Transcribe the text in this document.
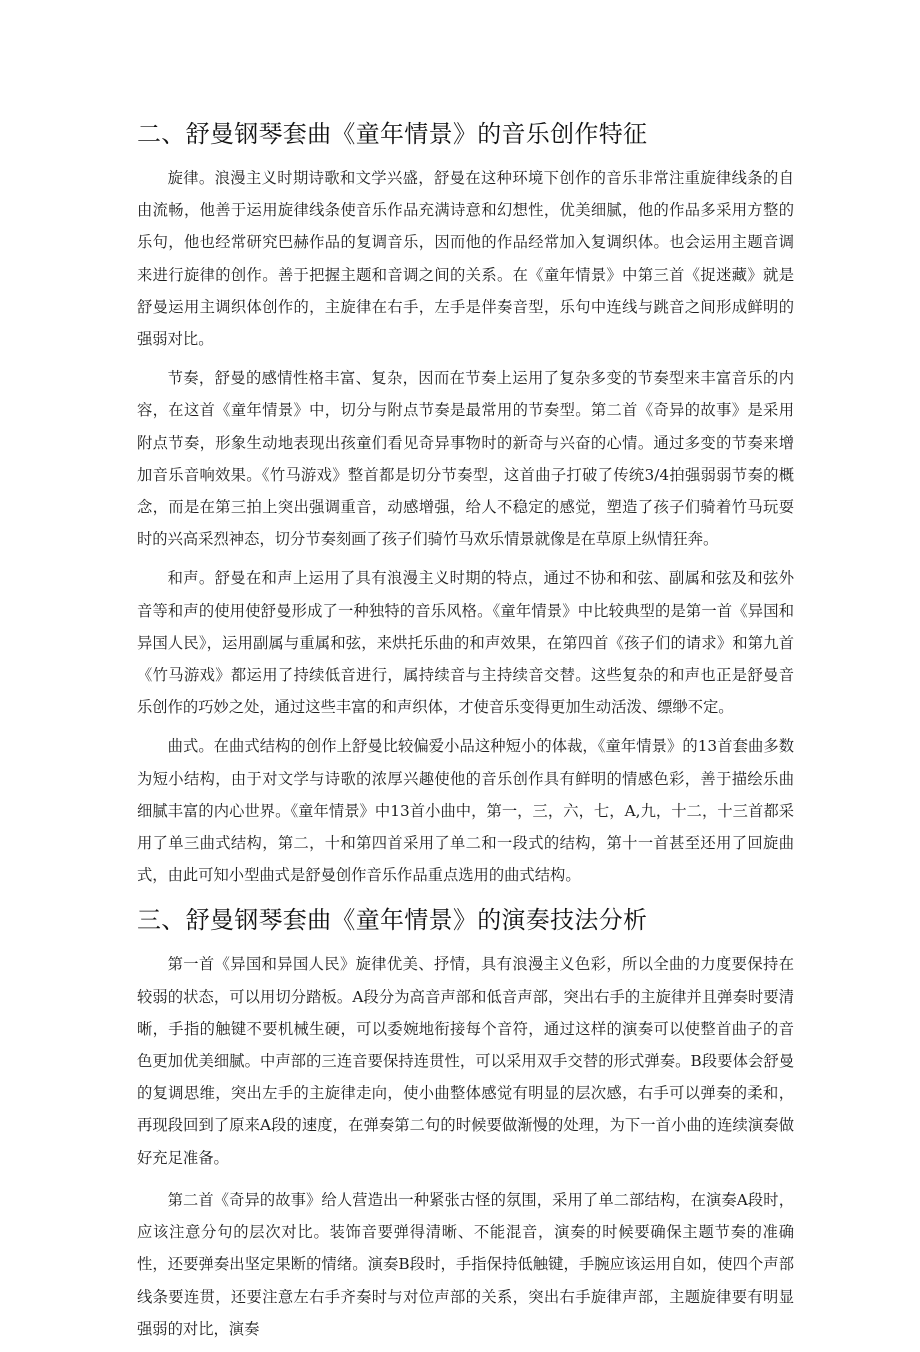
二、舒曼钢琴套曲《童年情景》的音乐创作特征

旋律。浪漫主义时期诗歌和文学兴盛，舒曼在这种环境下创作的音乐非常注重旋律线条的自由流畅，他善于运用旋律线条使音乐作品充满诗意和幻想性，优美细腻，他的作品多采用方整的乐句，他也经常研究巴赫作品的复调音乐，因而他的作品经常加入复调织体。也会运用主题音调来进行旋律的创作。善于把握主题和音调之间的关系。在《童年情景》中第三首《捉迷藏》就是舒曼运用主调织体创作的，主旋律在右手，左手是伴奏音型，乐句中连线与跳音之间形成鲜明的强弱对比。

节奏，舒曼的感情性格丰富、复杂，因而在节奏上运用了复杂多变的节奏型来丰富音乐的内容，在这首《童年情景》中，切分与附点节奏是最常用的节奏型。第二首《奇异的故事》是采用附点节奏，形象生动地表现出孩童们看见奇异事物时的新奇与兴奋的心情。通过多变的节奏来增加音乐音响效果。《竹马游戏》整首都是切分节奏型，这首曲子打破了传统3/4拍强弱弱节奏的概念，而是在第三拍上突出强调重音，动感增强，给人不稳定的感觉，塑造了孩子们骑着竹马玩耍时的兴高采烈神态，切分节奏刻画了孩子们骑竹马欢乐情景就像是在草原上纵情狂奔。

和声。舒曼在和声上运用了具有浪漫主义时期的特点，通过不协和和弦、副属和弦及和弦外音等和声的使用使舒曼形成了一种独特的音乐风格。《童年情景》中比较典型的是第一首《异国和异国人民》，运用副属与重属和弦，来烘托乐曲的和声效果，在第四首《孩子们的请求》和第九首《竹马游戏》都运用了持续低音进行，属持续音与主持续音交替。这些复杂的和声也正是舒曼音乐创作的巧妙之处，通过这些丰富的和声织体，才使音乐变得更加生动活泼、缥缈不定。

曲式。在曲式结构的创作上舒曼比较偏爱小品这种短小的体裁，《童年情景》的13首套曲多数为短小结构，由于对文学与诗歌的浓厚兴趣使他的音乐创作具有鲜明的情感色彩，善于描绘乐曲细腻丰富的内心世界。《童年情景》中13首小曲中，第一，三，六，七，A,九，十二，十三首都采用了单三曲式结构，第二，十和第四首采用了单二和一段式的结构，第十一首甚至还用了回旋曲式，由此可知小型曲式是舒曼创作音乐作品重点选用的曲式结构。

三、舒曼钢琴套曲《童年情景》的演奏技法分析

第一首《异国和异国人民》旋律优美、抒情，具有浪漫主义色彩，所以全曲的力度要保持在较弱的状态，可以用切分踏板。A段分为高音声部和低音声部，突出右手的主旋律并且弹奏时要清晰，手指的触键不要机械生硬，可以委婉地衔接每个音符，通过这样的演奏可以使整首曲子的音色更加优美细腻。中声部的三连音要保持连贯性，可以采用双手交替的形式弹奏。B段要体会舒曼的复调思维，突出左手的主旋律走向，使小曲整体感觉有明显的层次感，右手可以弹奏的柔和，再现段回到了原来A段的速度，在弹奏第二句的时候要做渐慢的处理，为下一首小曲的连续演奏做好充足准备。

第二首《奇异的故事》给人营造出一种紧张古怪的氛围，采用了单二部结构，在演奏A段时，应该注意分句的层次对比。装饰音要弹得清晰、不能混音，演奏的时候要确保主题节奏的准确性，还要弹奏出坚定果断的情绪。演奏B段时，手指保持低触键，手腕应该运用自如，使四个声部线条要连贯，还要注意左右手齐奏时与对位声部的关系，突出右手旋律声部，主题旋律要有明显强弱的对比，演奏
